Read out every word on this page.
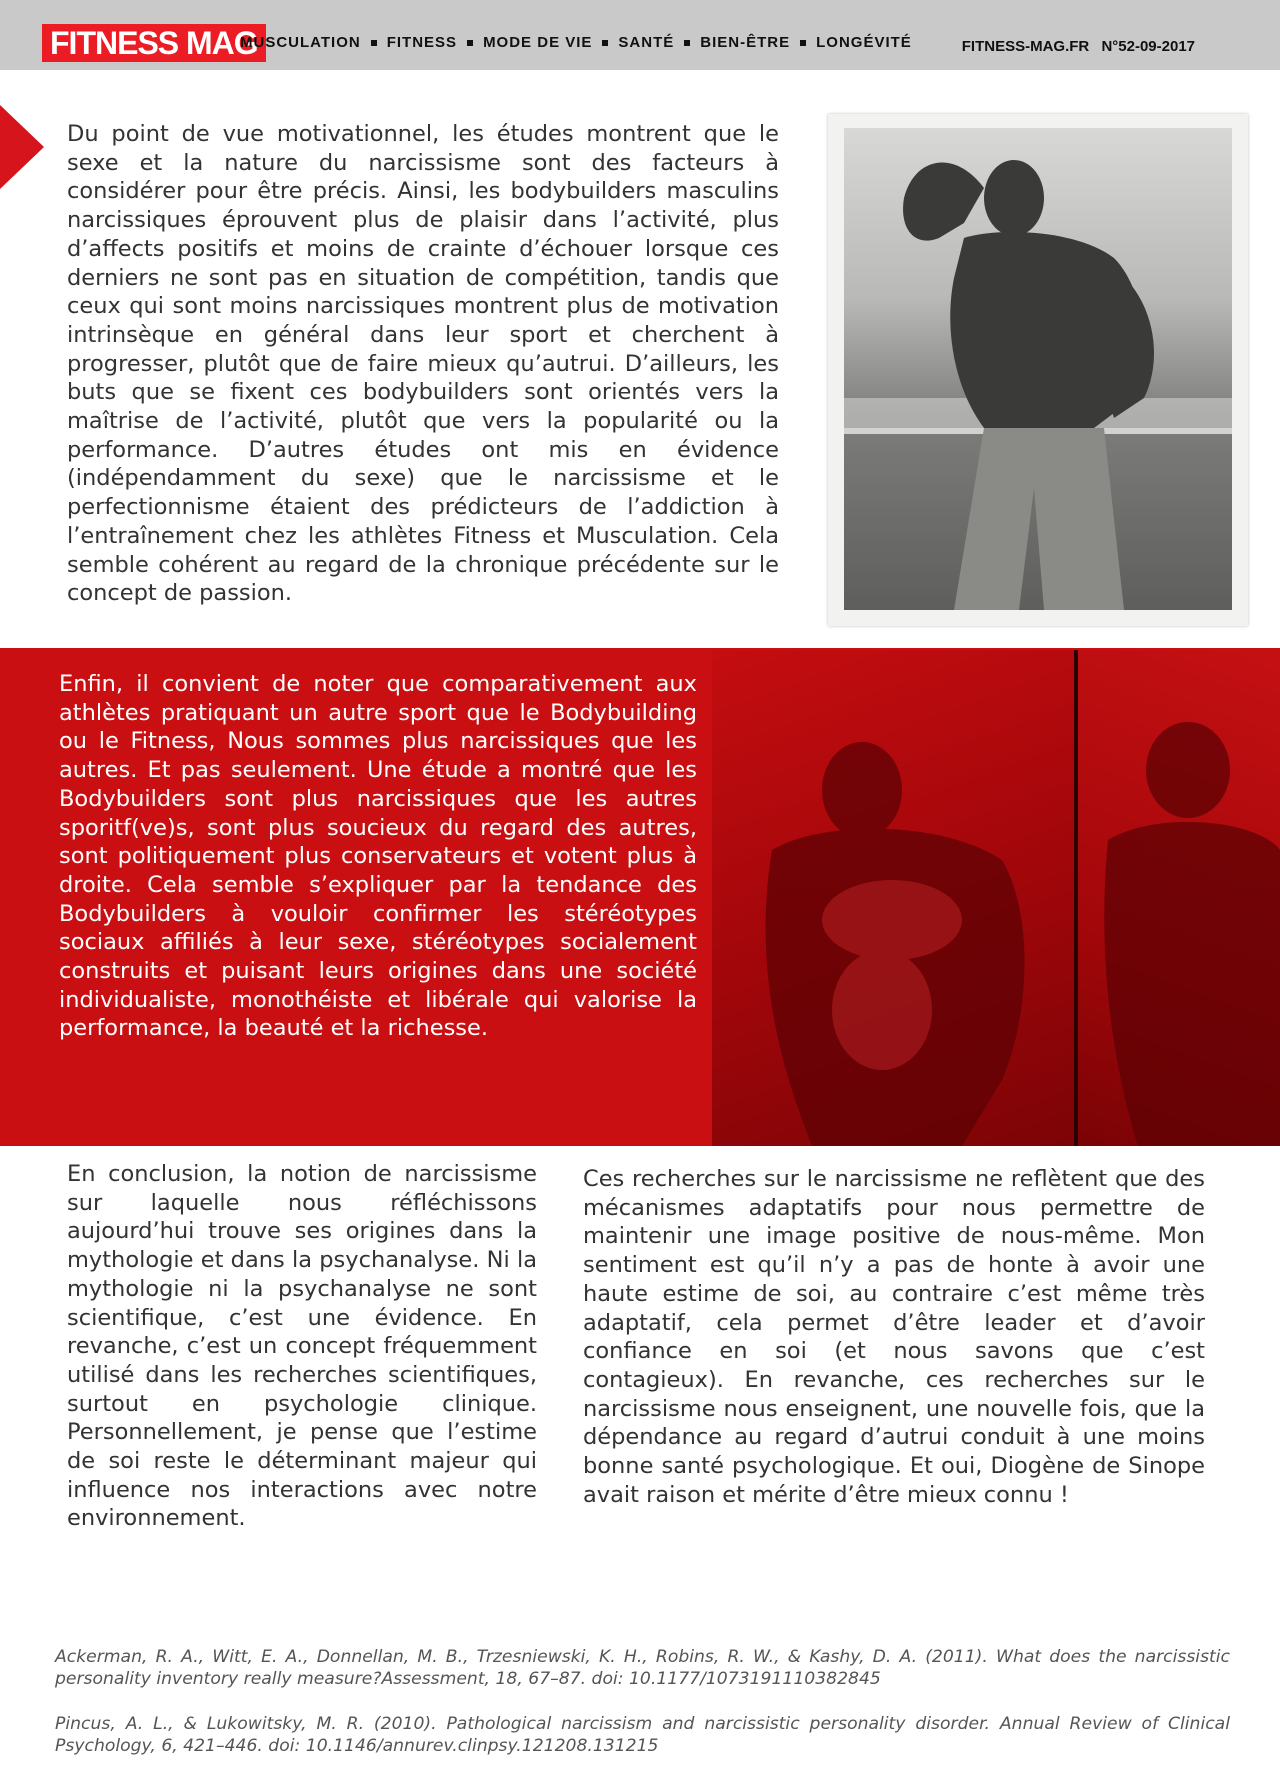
FITNESS MAG
MUSCULATION FITNESS MODE DE VIE SANTÉ BIEN-ÊTRE LONGÉVITÉ	FITNESS-MAG.FR N°52-09-2017

Du point de vue motivationnel, les études montrent que le sexe et la nature du narcissisme sont des facteurs à considérer pour être précis. Ainsi, les bodybuilders masculins narcissiques éprouvent plus de plaisir dans l’activité, plus d’affects positifs et moins de crainte d’échouer lorsque ces derniers ne sont pas en situation de compétition, tandis que ceux qui sont moins narcissiques montrent plus de motivation intrinsèque en général dans leur sport et cherchent à progresser, plutôt que de faire mieux qu’autrui. D’ailleurs, les buts que se fixent ces bodybuilders sont orientés vers la maîtrise de l’activité, plutôt que vers la popularité ou la performance. D’autres études ont mis en évidence (indépendamment du sexe) que le narcissisme et le perfectionnisme étaient des prédicteurs de l’addiction à l’entraînement chez les athlètes Fitness et Musculation. Cela semble cohérent au regard de la chronique précédente sur le concept de passion.

Enfin, il convient de noter que comparativement aux athlètes pratiquant un autre sport que le Bodybuilding ou le Fitness, Nous sommes plus narcissiques que les autres. Et pas seulement. Une étude a montré que les Bodybuilders sont plus narcissiques que les autres sporitf(ve)s, sont plus soucieux du regard des autres, sont politiquement plus conservateurs et votent plus à droite. Cela semble s’expliquer par la tendance des Bodybuilders à vouloir confirmer les stéréotypes sociaux affiliés à leur sexe, stéréotypes socialement construits et puisant leurs origines dans une société individualiste, monothéiste et libérale qui valorise la performance, la beauté et la richesse.

En conclusion, la notion de narcissisme sur laquelle nous réfléchissons aujourd’hui trouve ses origines dans la mythologie et dans la psychanalyse. Ni la mythologie ni la psychanalyse ne sont scientifique, c’est une évidence. En revanche, c’est un concept fréquemment utilisé dans les recherches scientifiques, surtout en psychologie clinique. Personnellement, je pense que l’estime de soi reste le déterminant majeur qui influence nos interactions avec notre environnement.

Ces recherches sur le narcissisme ne reflètent que des mécanismes adaptatifs pour nous permettre de maintenir une image positive de nous-même. Mon sentiment est qu’il n’y a pas de honte à avoir une haute estime de soi, au contraire c’est même très adaptatif, cela permet d’être leader et d’avoir confiance en soi (et nous savons que c’est contagieux). En revanche, ces recherches sur le narcissisme nous enseignent, une nouvelle fois, que la dépendance au regard d’autrui conduit à une moins bonne santé psychologique. Et oui, Diogène de Sinope avait raison et mérite d’être mieux connu !

Ackerman, R. A., Witt, E. A., Donnellan, M. B., Trzesniewski, K. H., Robins, R. W., & Kashy, D. A. (2011). What does the narcissistic personality inventory really measure?Assessment, 18, 67–87. doi: 10.1177/1073191110382845

Pincus, A. L., & Lukowitsky, M. R. (2010). Pathological narcissism and narcissistic personality disorder. Annual Review of Clinical Psychology, 6, 421–446. doi: 10.1146/annurev.clinpsy.121208.131215
